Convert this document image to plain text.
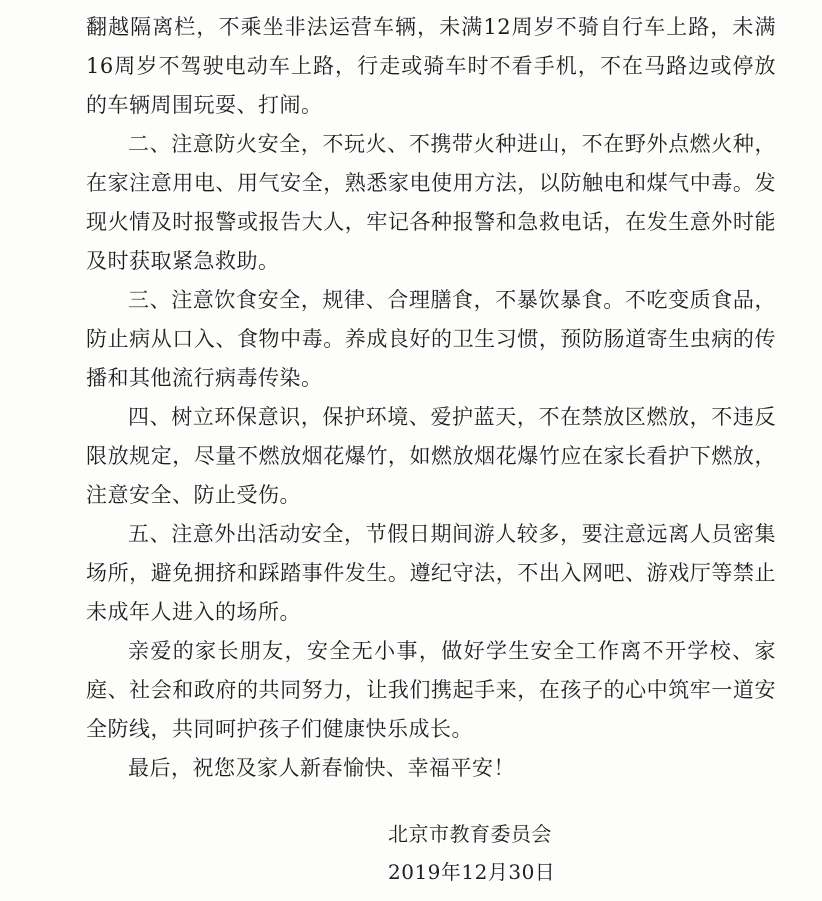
翻越隔离栏，不乘坐非法运营车辆，未满12周岁不骑自行车上路，未满16周岁不驾驶电动车上路，行走或骑车时不看手机，不在马路边或停放的车辆周围玩耍、打闹。

二、注意防火安全，不玩火、不携带火种进山，不在野外点燃火种，在家注意用电、用气安全，熟悉家电使用方法，以防触电和煤气中毒。发现火情及时报警或报告大人，牢记各种报警和急救电话，在发生意外时能及时获取紧急救助。

三、注意饮食安全，规律、合理膳食，不暴饮暴食。不吃变质食品，防止病从口入、食物中毒。养成良好的卫生习惯，预防肠道寄生虫病的传播和其他流行病毒传染。

四、树立环保意识，保护环境、爱护蓝天，不在禁放区燃放，不违反限放规定，尽量不燃放烟花爆竹，如燃放烟花爆竹应在家长看护下燃放，注意安全、防止受伤。

五、注意外出活动安全，节假日期间游人较多，要注意远离人员密集场所，避免拥挤和踩踏事件发生。遵纪守法，不出入网吧、游戏厅等禁止未成年人进入的场所。

亲爱的家长朋友，安全无小事，做好学生安全工作离不开学校、家庭、社会和政府的共同努力，让我们携起手来，在孩子的心中筑牢一道安全防线，共同呵护孩子们健康快乐成长。

最后，祝您及家人新春愉快、幸福平安！

北京市教育委员会
2019年12月30日
